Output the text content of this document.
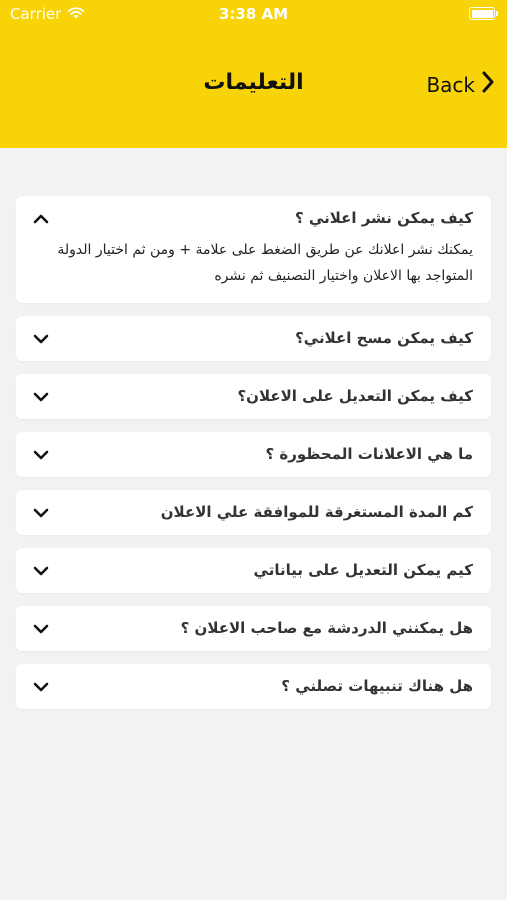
Carrier	3:38 AM
التعليمات	Back
كيف يمكن نشر اعلاني ؟
يمكنك نشر اعلانك عن طريق الضغط على علامة + ومن ثم اختيار الدولة المتواجد بها الاعلان واختيار التصنيف ثم نشره
كيف يمكن مسح اعلاني؟
كيف يمكن التعديل على الاعلان؟
ما هي الاعلانات المحظورة ؟
كم المدة المستغرقة للموافقة علي الاعلان
كيم يمكن التعديل على بياناتي
هل يمكنني الدردشة مع صاحب الاعلان ؟
هل هناك تنبيهات تصلني ؟
